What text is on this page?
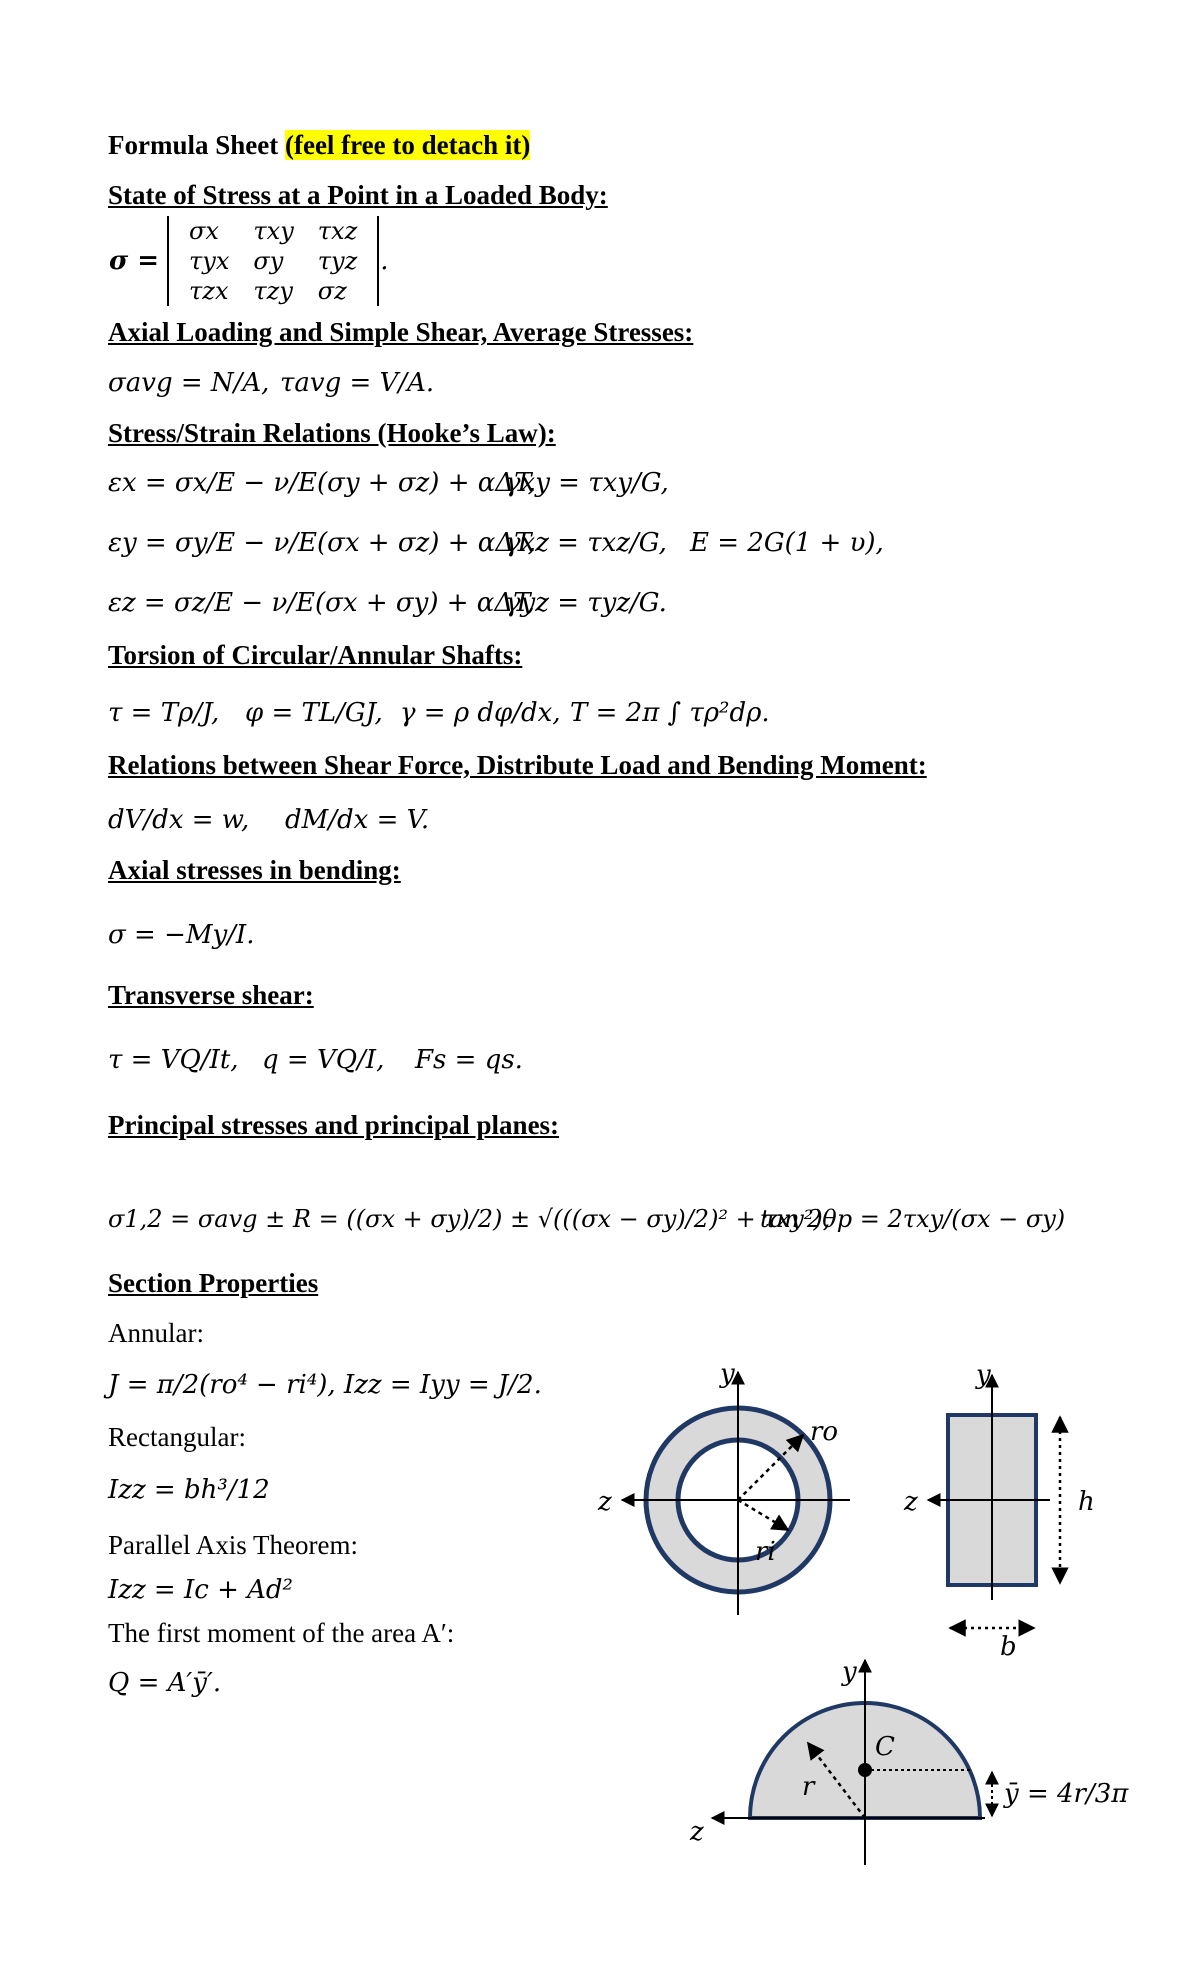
Formula Sheet (feel free to detach it)
State of Stress at a Point in a Loaded Body:
σ =	
σx	τxy	τxz
τyx	σy	τyz
τzx	τzy	σz
	.
Axial Loading and Simple Shear, Average Stresses:
σavg = N/A, τavg = V/A.
Stress/Strain Relations (Hooke’s Law):
εx = σx/E − ν/E(σy + σz) + αΔT,
εy = σy/E − ν/E(σx + σz) + αΔT,
εz = σz/E − ν/E(σx + σy) + αΔT,
γxy = τxy/G,
γxz = τxz/G,
γyz = τyz/G.
E = 2G(1 + υ),
Torsion of Circular/Annular Shafts:
τ = Tρ/J, φ = TL/GJ, γ = ρ dφ/dx, T = 2π ∫ τρ²dρ.
Relations between Shear Force, Distribute Load and Bending Moment:
dV/dx = w, dM/dx = V.
Axial stresses in bending:
σ = −My/I.
Transverse shear:
τ = VQ/It, q = VQ/I, Fs = qs.
Principal stresses and principal planes:
σ1,2 = σavg ± R = ((σx + σy)/2) ± √(((σx − σy)/2)² + τxy²),
tan 2θp = 2τxy/(σx − σy)
Section Properties
Annular:
J = π/2(ro⁴ − ri⁴), Izz = Iyy = J/2.
Rectangular:
Izz = bh³/12
Parallel Axis Theorem:
Izz = Ic + Ad²
The first moment of the area A′:
Q = A′ȳ′.
y
z
ro
ri
y
z	h
b
y
z
r
C
ȳ = 4r/3π
